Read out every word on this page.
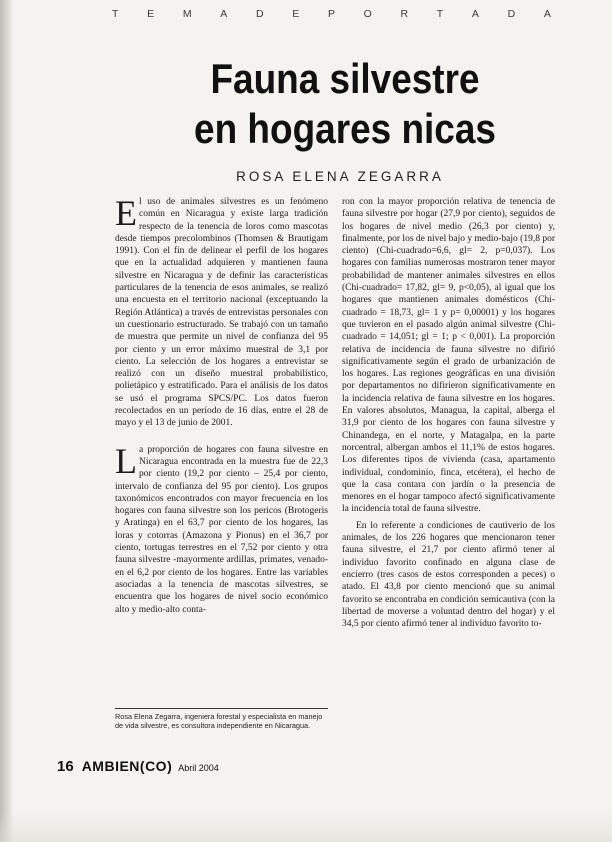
T	E	M	A	D	E	P	O	R	T	A	D	A
Fauna silvestre
en hogares nicas
ROSA ELENA ZEGARRA

El uso de animales silvestres es un fenómeno común en Nicaragua y existe larga tradición respecto de la tenencia de loros como mascotas desde tiempos precolombinos (Thomsen & Brautigam 1991). Con el fin de delinear el perfil de los hogares que en la actualidad adquieren y mantienen fauna silvestre en Nicaragua y de definir las características particulares de la tenencia de esos animales, se realizó una encuesta en el territorio nacional (exceptuando la Región Atlántica) a través de entrevistas personales con un cuestionario estructurado. Se trabajó con un tamaño de muestra que permite un nivel de confianza del 95 por ciento y un error máximo muestral de 3,1 por ciento. La selección de los hogares a entrevistar se realizó con un diseño muestral probabilístico, polietápico y estratificado. Para el análisis de los datos se usó el programa SPCS/PC. Los datos fueron recolectados en un período de 16 días, entre el 28 de mayo y el 13 de junio de 2001.

La proporción de hogares con fauna silvestre en Nicaragua encontrada en la muestra fue de 22,3 por ciento (19,2 por ciento – 25,4 por ciento, intervalo de confianza del 95 por ciento). Los grupos taxonómicos encontrados con mayor frecuencia en los hogares con fauna silvestre son los pericos (Brotogeris y Aratinga) en el 63,7 por ciento de los hogares, las loras y cotorras (Amazona y Pionus) en el 36,7 por ciento, tortugas terrestres en el 7,52 por ciento y otra fauna silvestre -mayormente ardillas, primates, venado- en el 6,2 por ciento de los hogares. Entre las variables asociadas a la tenencia de mascotas silvestres, se encuentra que los hogares de nivel socio económico alto y medio-alto conta-

ron con la mayor proporción relativa de tenencia de fauna silvestre por hogar (27,9 por ciento), seguidos de los hogares de nivel medio (26,3 por ciento) y, finalmente, por los de nivel bajo y medio-bajo (19,8 por ciento) (Chi-cuadrado=6,6, gl= 2, p=0,037). Los hogares con familias numerosas mostraron tener mayor probabilidad de mantener animales silvestres en ellos (Chi-cuadrado= 17,82, gl= 9, p<0,05), al igual que los hogares que mantienen animales domésticos (Chi-cuadrado = 18,73, gl= 1 y p= 0,00001) y los hogares que tuvieron en el pasado algún animal silvestre (Chi-cuadrado = 14,051; gl = 1; p < 0,001). La proporción relativa de incidencia de fauna silvestre no difirió significativamente según el grado de urbanización de los hogares. Las regiones geográficas en una división por departamentos no difirieron significativamente en la incidencia relativa de fauna silvestre en los hogares. En valores absolutos, Managua, la capital, alberga el 31,9 por ciento de los hogares con fauna silvestre y Chinandega, en el norte, y Matagalpa, en la parte norcentral, albergan ambos el 11,1% de estos hogares. Los diferentes tipos de vivienda (casa, apartamento individual, condominio, finca, etcétera), el hecho de que la casa contara con jardín o la presencia de menores en el hogar tampoco afectó significativamente la incidencia total de fauna silvestre.

En lo referente a condiciones de cautiverio de los animales, de los 226 hogares que mencionaron tener fauna silvestre, el 21,7 por ciento afirmó tener al individuo favorito confinado en alguna clase de encierro (tres casos de estos corresponden a peces) o atado. El 43,8 por ciento mencionó que su animal favorito se encontraba en condición semicautiva (con la libertad de moverse a voluntad dentro del hogar) y el 34,5 por ciento afirmó tener al individuo favorito to-

Rosa Elena Zegarra, ingeniera forestal y especialista en manejo de vida silvestre, es consultora independiente en Nicaragua.
16 AMBIEN(CO) Abril 2004
